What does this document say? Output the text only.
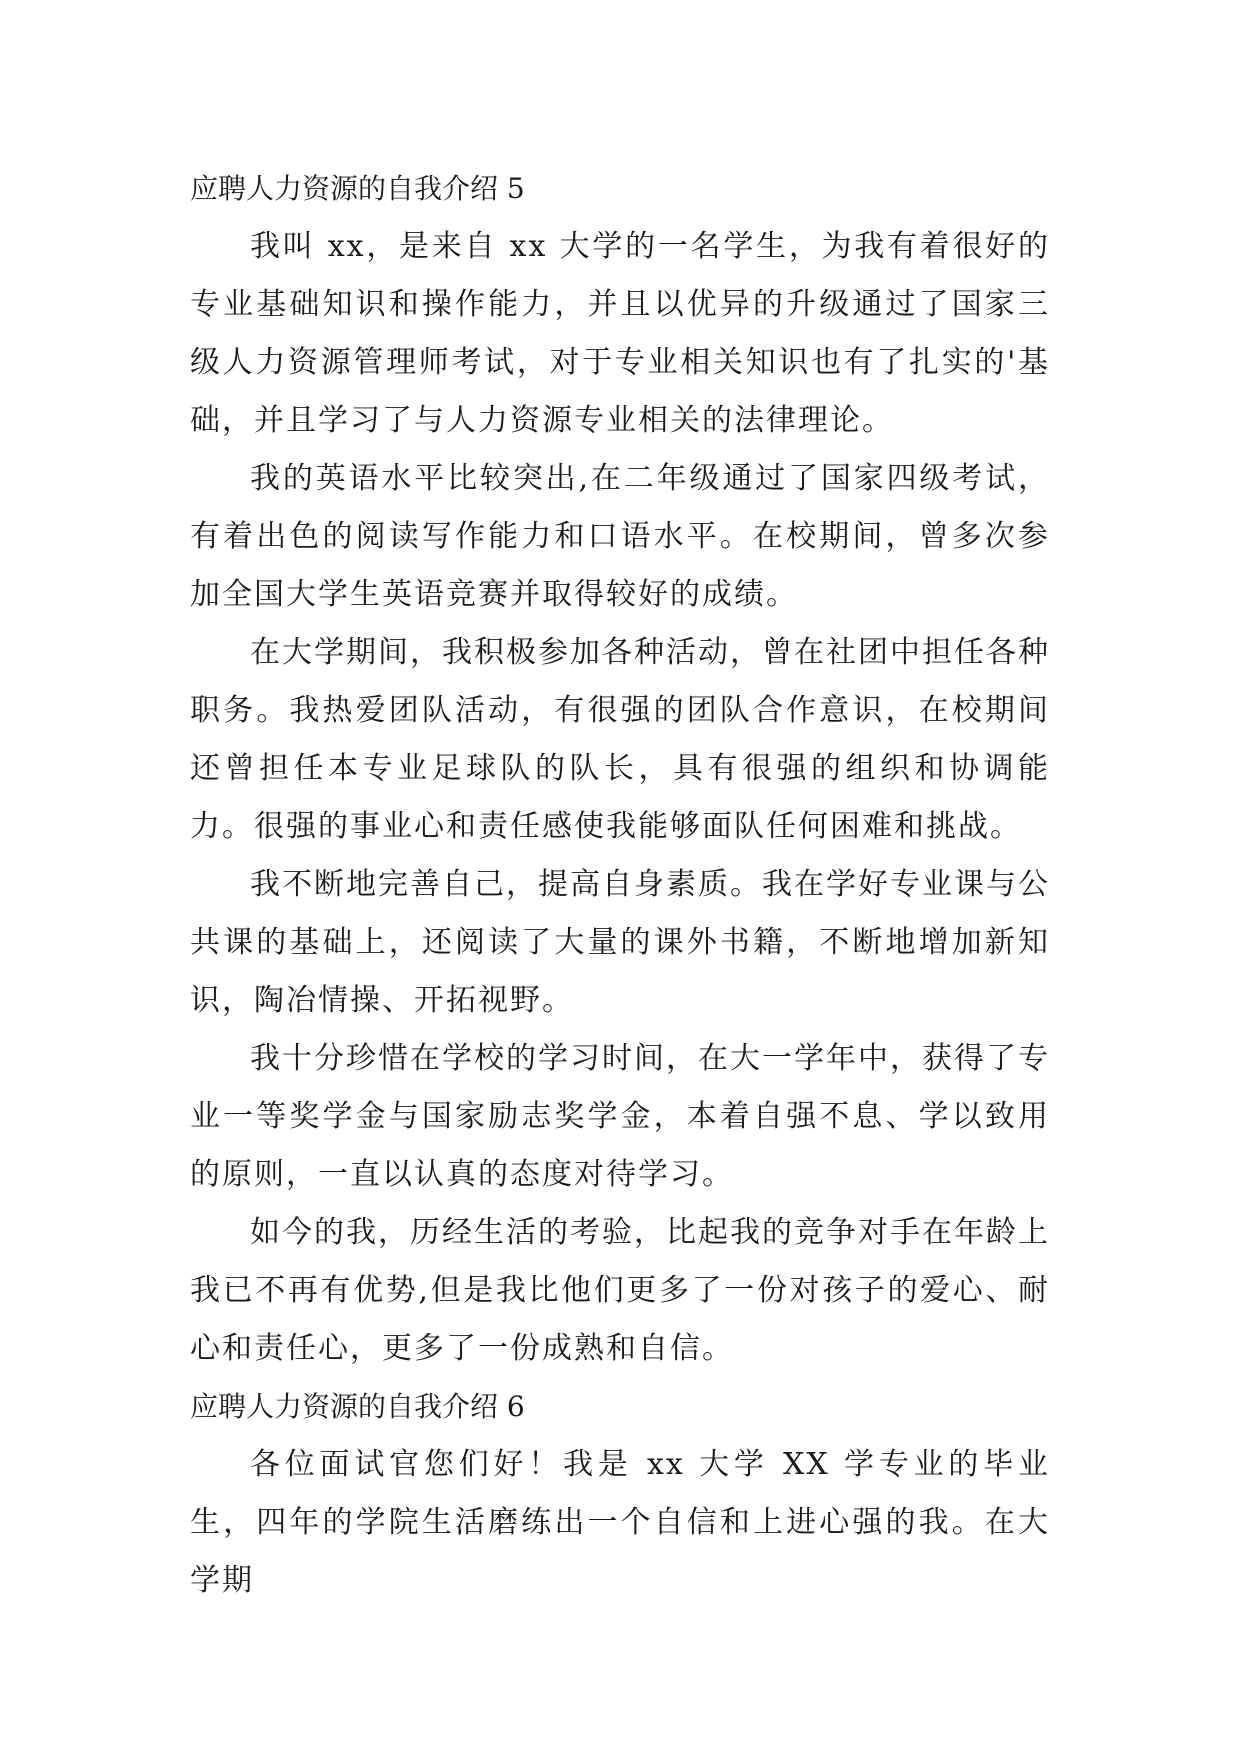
应聘人力资源的自我介绍 5

我叫 xx，是来自 xx 大学的一名学生，为我有着很好的专业基础知识和操作能力，并且以优异的升级通过了国家三级人力资源管理师考试，对于专业相关知识也有了扎实的'基础，并且学习了与人力资源专业相关的法律理论。

我的英语水平比较突出,在二年级通过了国家四级考试，有着出色的阅读写作能力和口语水平。在校期间，曾多次参加全国大学生英语竞赛并取得较好的成绩。

在大学期间，我积极参加各种活动，曾在社团中担任各种职务。我热爱团队活动，有很强的团队合作意识，在校期间还曾担任本专业足球队的队长，具有很强的组织和协调能力。很强的事业心和责任感使我能够面队任何困难和挑战。

我不断地完善自己，提高自身素质。我在学好专业课与公共课的基础上，还阅读了大量的课外书籍，不断地增加新知识，陶冶情操、开拓视野。

我十分珍惜在学校的学习时间，在大一学年中，获得了专业一等奖学金与国家励志奖学金，本着自强不息、学以致用的原则，一直以认真的态度对待学习。

如今的我，历经生活的考验，比起我的竞争对手在年龄上我已不再有优势,但是我比他们更多了一份对孩子的爱心、耐心和责任心，更多了一份成熟和自信。

应聘人力资源的自我介绍 6

各位面试官您们好！我是 xx 大学 XX 学专业的毕业生，四年的学院生活磨练出一个自信和上进心强的我。在大学期
